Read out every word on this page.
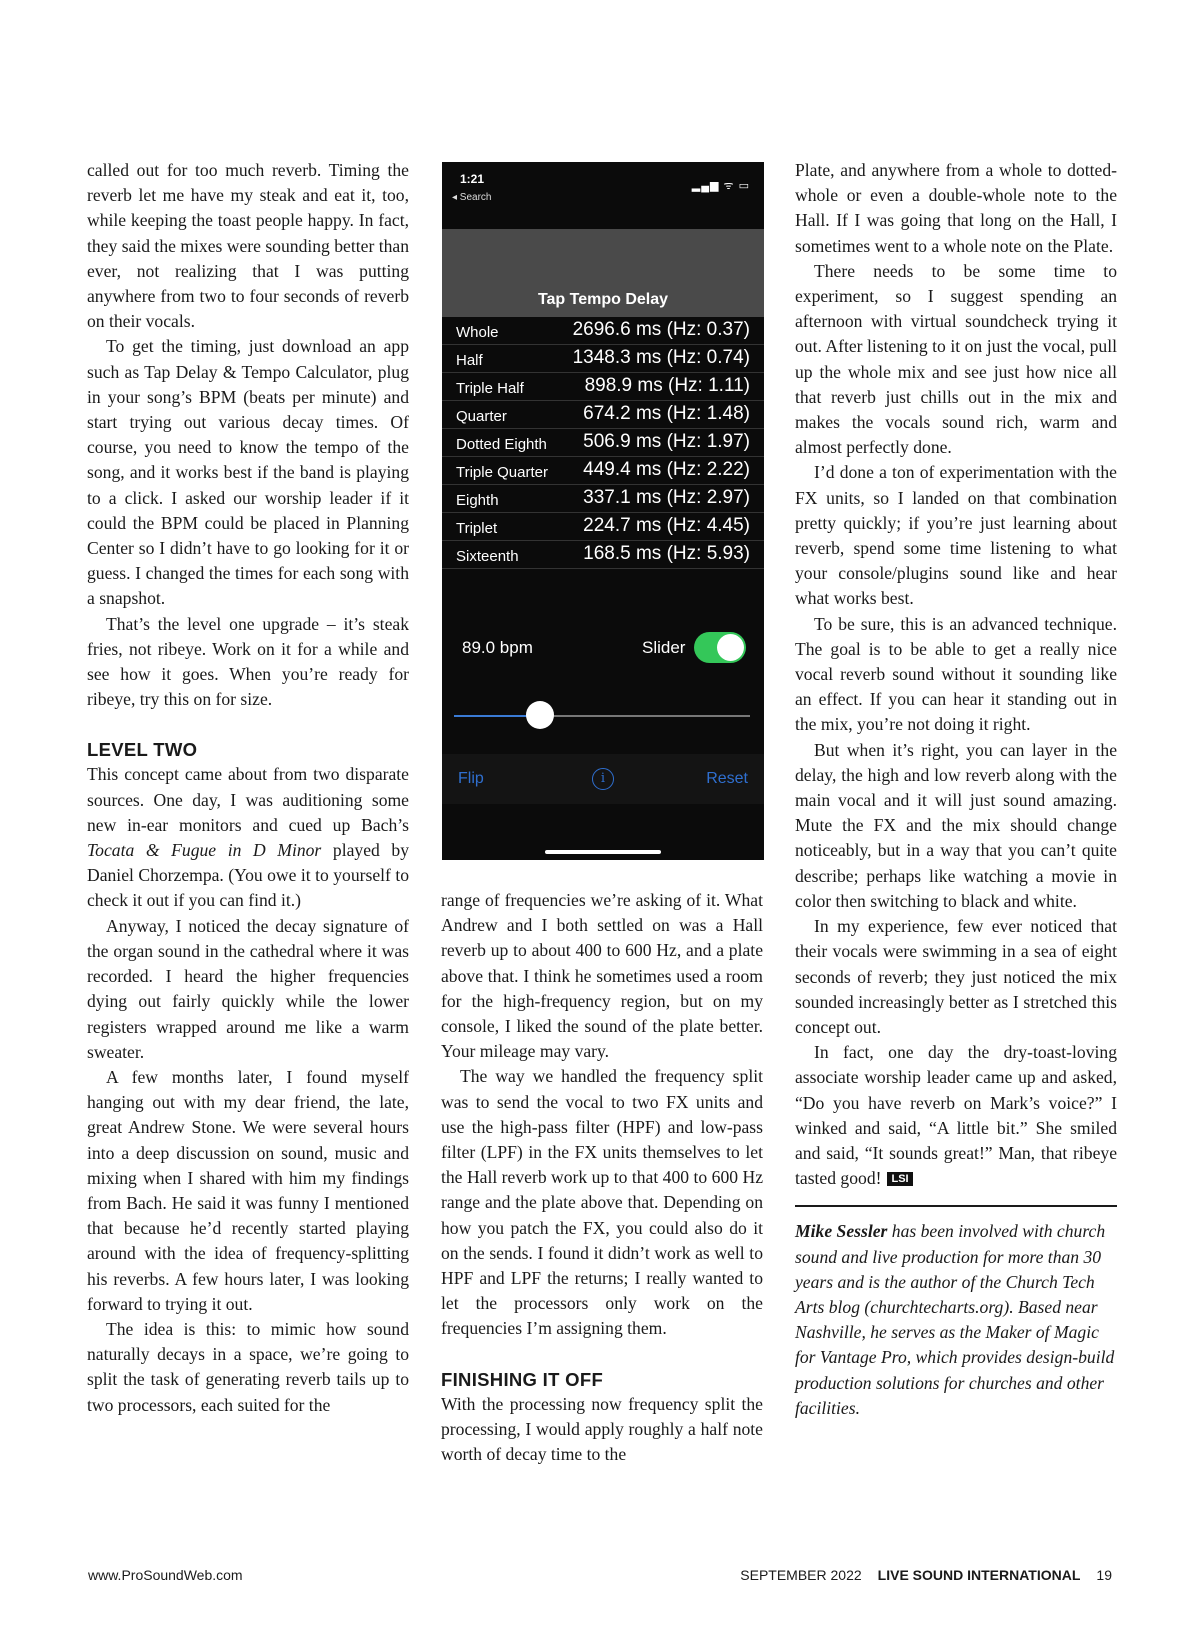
called out for too much reverb. Timing the reverb let me have my steak and eat it, too, while keeping the toast people happy. In fact, they said the mixes were sounding better than ever, not realizing that I was putting anywhere from two to four seconds of reverb on their vocals.

To get the timing, just download an app such as Tap Delay & Tempo Calculator, plug in your song’s BPM (beats per minute) and start trying out various decay times. Of course, you need to know the tempo of the song, and it works best if the band is playing to a click. I asked our worship leader if it could the BPM could be placed in Planning Center so I didn’t have to go looking for it or guess. I changed the times for each song with a snapshot.

That’s the level one upgrade – it’s steak fries, not ribeye. Work on it for a while and see how it goes. When you’re ready for ribeye, try this on for size.

LEVEL TWO

This concept came about from two disparate sources. One day, I was auditioning some new in-ear monitors and cued up Bach’s Tocata & Fugue in D Minor played by Daniel Chorzempa. (You owe it to yourself to check it out if you can find it.)

Anyway, I noticed the decay signature of the organ sound in the cathedral where it was recorded. I heard the higher frequencies dying out fairly quickly while the lower registers wrapped around me like a warm sweater.

A few months later, I found myself hanging out with my dear friend, the late, great Andrew Stone. We were several hours into a deep discussion on sound, music and mixing when I shared with him my findings from Bach. He said it was funny I mentioned that because he’d recently started playing around with the idea of frequency-splitting his reverbs. A few hours later, I was looking forward to trying it out.

The idea is this: to mimic how sound naturally decays in a space, we’re going to split the task of generating reverb tails up to two processors, each suited for the

1:21
◂ Search
▂▄▆ ᯤ ▭
Tap Tempo Delay
Whole	2696.6 ms (Hz: 0.37)
Half	1348.3 ms (Hz: 0.74)
Triple Half	898.9 ms (Hz: 1.11)
Quarter	674.2 ms (Hz: 1.48)
Dotted Eighth 506.9 ms (Hz: 1.97)
Triple Quarter 449.4 ms (Hz: 2.22)
Eighth	337.1 ms (Hz: 2.97)
Triplet	224.7 ms (Hz: 4.45)
Sixteenth	168.5 ms (Hz: 5.93)
89.0 bpm	Slider
Flip	i	Reset

range of frequencies we’re asking of it. What Andrew and I both settled on was a Hall reverb up to about 400 to 600 Hz, and a plate above that. I think he sometimes used a room for the high-frequency region, but on my console, I liked the sound of the plate better. Your mileage may vary.

The way we handled the frequency split was to send the vocal to two FX units and use the high-pass filter (HPF) and low-pass filter (LPF) in the FX units themselves to let the Hall reverb work up to that 400 to 600 Hz range and the plate above that. Depending on how you patch the FX, you could also do it on the sends. I found it didn’t work as well to HPF and LPF the returns; I really wanted to let the processors only work on the frequencies I’m assigning them.

FINISHING IT OFF

With the processing now frequency split the processing, I would apply roughly a half note worth of decay time to the

Plate, and anywhere from a whole to dotted-whole or even a double-whole note to the Hall. If I was going that long on the Hall, I sometimes went to a whole note on the Plate.

There needs to be some time to experiment, so I suggest spending an afternoon with virtual soundcheck trying it out. After listening to it on just the vocal, pull up the whole mix and see just how nice all that reverb just chills out in the mix and makes the vocals sound rich, warm and almost perfectly done.

I’d done a ton of experimentation with the FX units, so I landed on that combination pretty quickly; if you’re just learning about reverb, spend some time listening to what your console/plugins sound like and hear what works best.

To be sure, this is an advanced technique. The goal is to be able to get a really nice vocal reverb sound without it sounding like an effect. If you can hear it standing out in the mix, you’re not doing it right.

But when it’s right, you can layer in the delay, the high and low reverb along with the main vocal and it will just sound amazing. Mute the FX and the mix should change noticeably, but in a way that you can’t quite describe; perhaps like watching a movie in color then switching to black and white.

In my experience, few ever noticed that their vocals were swimming in a sea of eight seconds of reverb; they just noticed the mix sounded increasingly better as I stretched this concept out.

In fact, one day the dry-toast-loving associate worship leader came up and asked, “Do you have reverb on Mark’s voice?” I winked and said, “A little bit.” She smiled and said, “It sounds great!” Man, that ribeye tasted good! LSI

Mike Sessler has been involved with church sound and live production for more than 30 years and is the author of the Church Tech Arts blog (churchtecharts.org). Based near Nashville, he serves as the Maker of Magic for Vantage Pro, which provides design-build production solutions for churches and other facilities.

www.ProSoundWeb.com	SEPTEMBER 2022 LIVE SOUND INTERNATIONAL 19
